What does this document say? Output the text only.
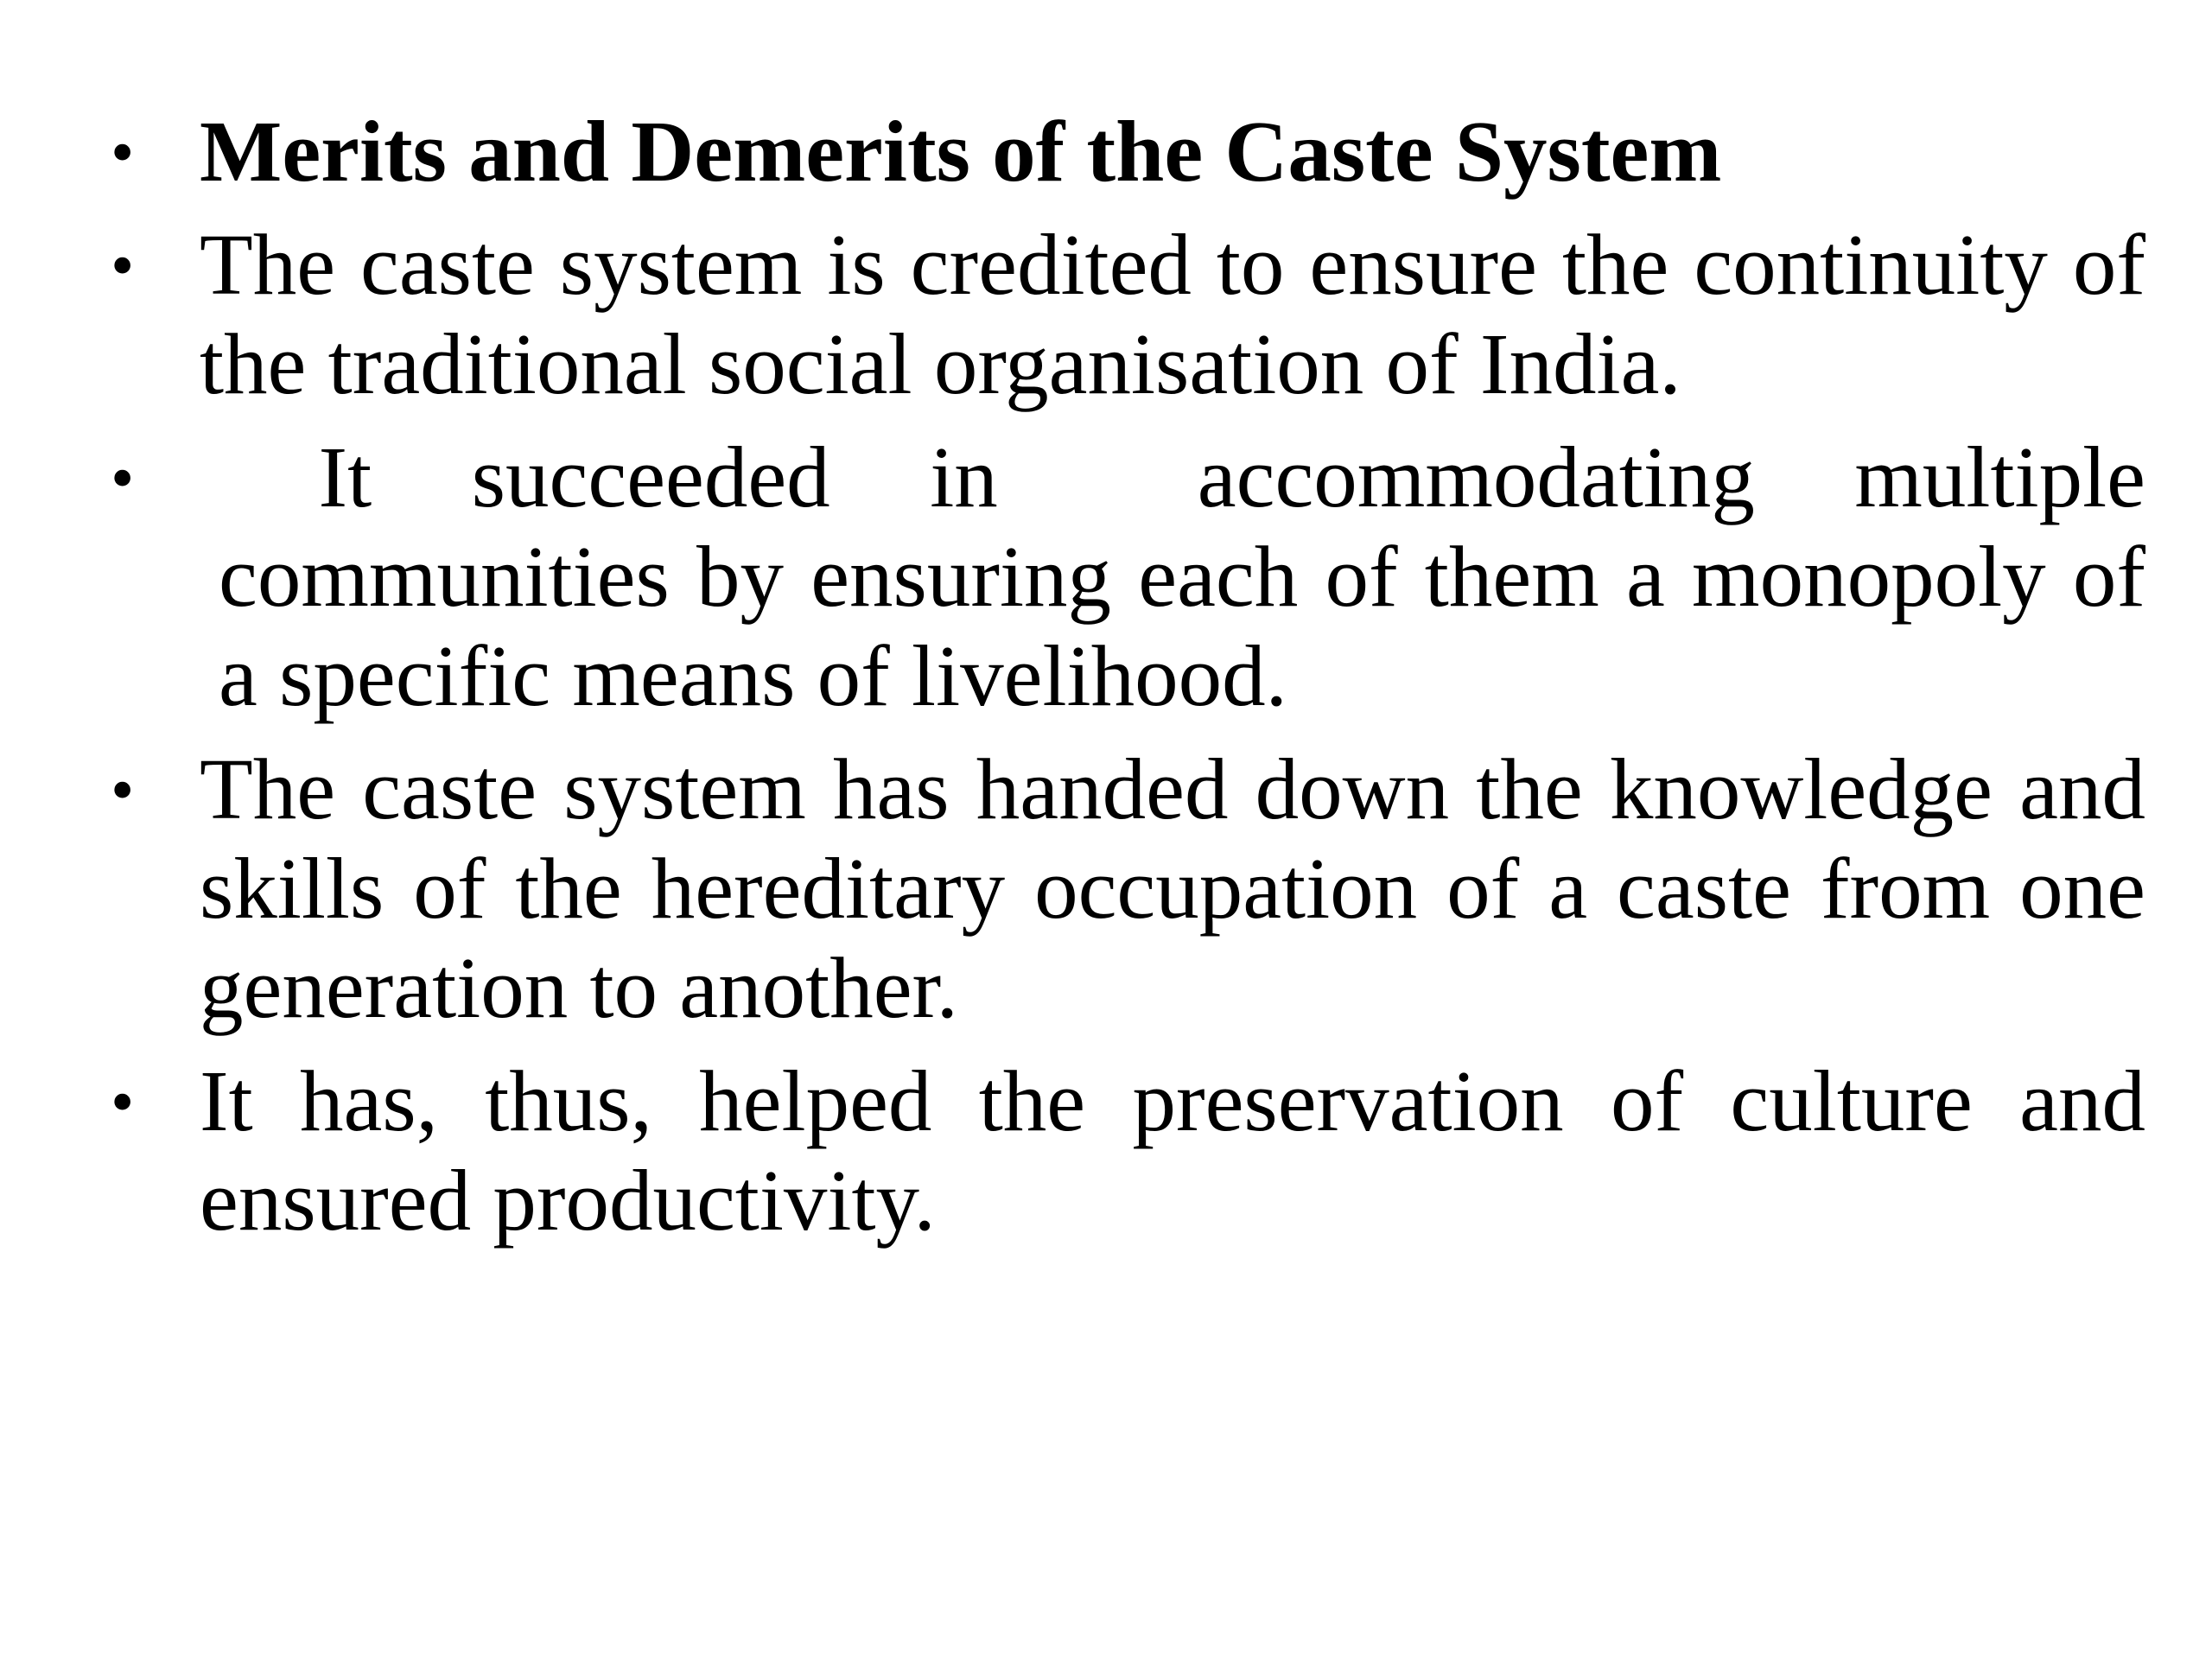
• Merits and Demerits of the Caste System
• The caste system is credited to ensure the continuity of the traditional social organisation of India.
• It succeeded in  accommodating multiple communities by ensuring each of them a monopoly of a specific means of livelihood.
• The caste system has handed down the knowledge and skills of the hereditary occupation of a caste from one generation to another.
• It has, thus, helped the preservation of culture and ensured productivity.
